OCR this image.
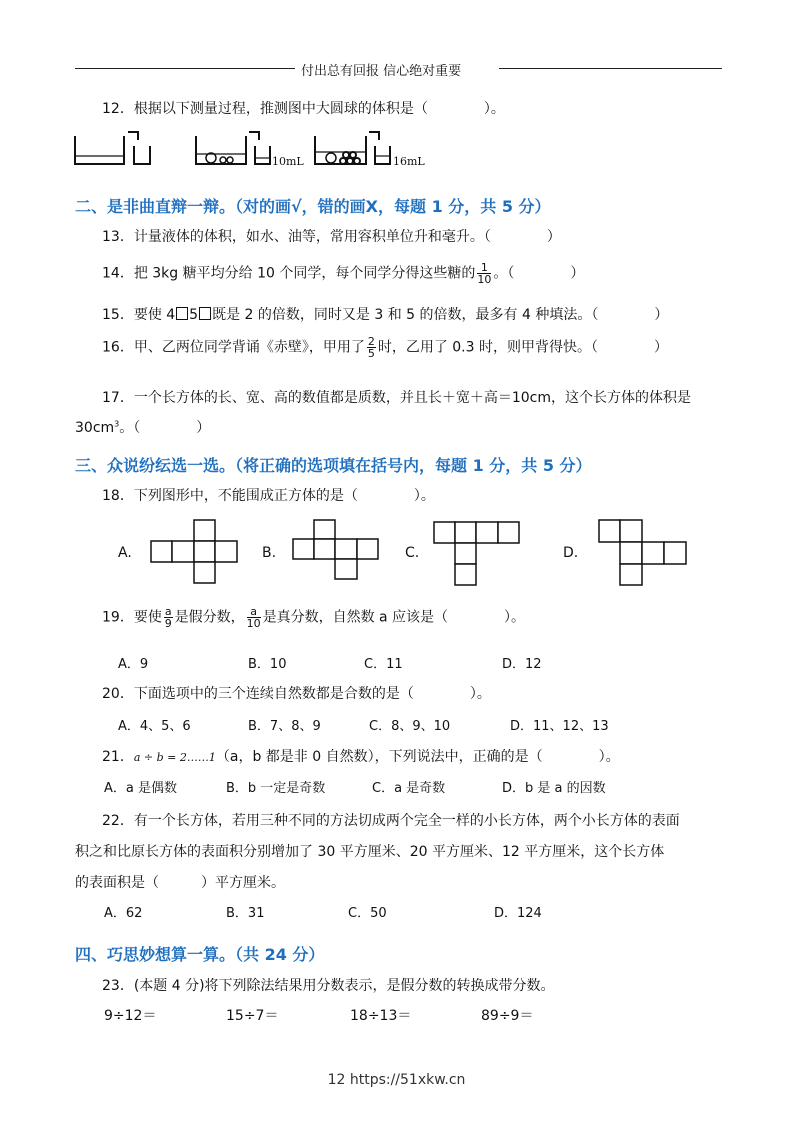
付出总有回报 信心绝对重要
12．根据以下测量过程，推测图中大圆球的体积是（　　　　）。
10mL	16mL
二、是非曲直辩一辩。（对的画√，错的画X，每题 1 分，共 5 分）
13．计量液体的体积，如水、油等，常用容积单位升和毫升。（　　　　）
14．把 3kg 糖平均分给 10 个同学，每个同学分得这些糖的 $\frac{1}{10}$ 。（　　　　）
15．要使 4 5 既是 2 的倍数，同时又是 3 和 5 的倍数，最多有 4 种填法。（　　　　）
16．甲、乙两位同学背诵《赤壁》，甲用了 $\frac{2}{5}$ 时，乙用了 0.3 时，则甲背得快。（　　　　）
17．一个长方体的长、宽、高的数值都是质数，并且长＋宽＋高＝10cm，这个长方体的体积是
$30cm^3$。（　　　　）
三、众说纷纭选一选。（将正确的选项填在括号内，每题 1 分，共 5 分）
18．下列图形中，不能围成正方体的是（　　　　）。
A.	B.	C.	D.
19．要使 $\frac{a}{9}$ 是假分数， $\frac{a}{10}$ 是真分数，自然数 a 应该是（　　　　）。
A．9	B．10	C．11	D．12
20．下面选项中的三个连续自然数都是合数的是（　　　　）。
A．4、5、6	B．7、8、9	C．8、9、10	D．11、12、13
21．a ÷ b = 2……1（a，b 都是非 0 自然数），下列说法中，正确的是（　　　　）。
A．a 是偶数	B．b 一定是奇数	C．a 是奇数	D．b 是 a 的因数
22．有一个长方体，若用三种不同的方法切成两个完全一样的小长方体，两个小长方体的表面
积之和比原长方体的表面积分别增加了 30 平方厘米、20 平方厘米、12 平方厘米，这个长方体
的表面积是（　　　）平方厘米。
A．62	B．31	C．50	D．124
四、巧思妙想算一算。（共 24 分）
23．(本题 4 分)将下列除法结果用分数表示，是假分数的转换成带分数。
9÷12＝	15÷7＝	18÷13＝	89÷9＝
12 https://51xkw.cn
